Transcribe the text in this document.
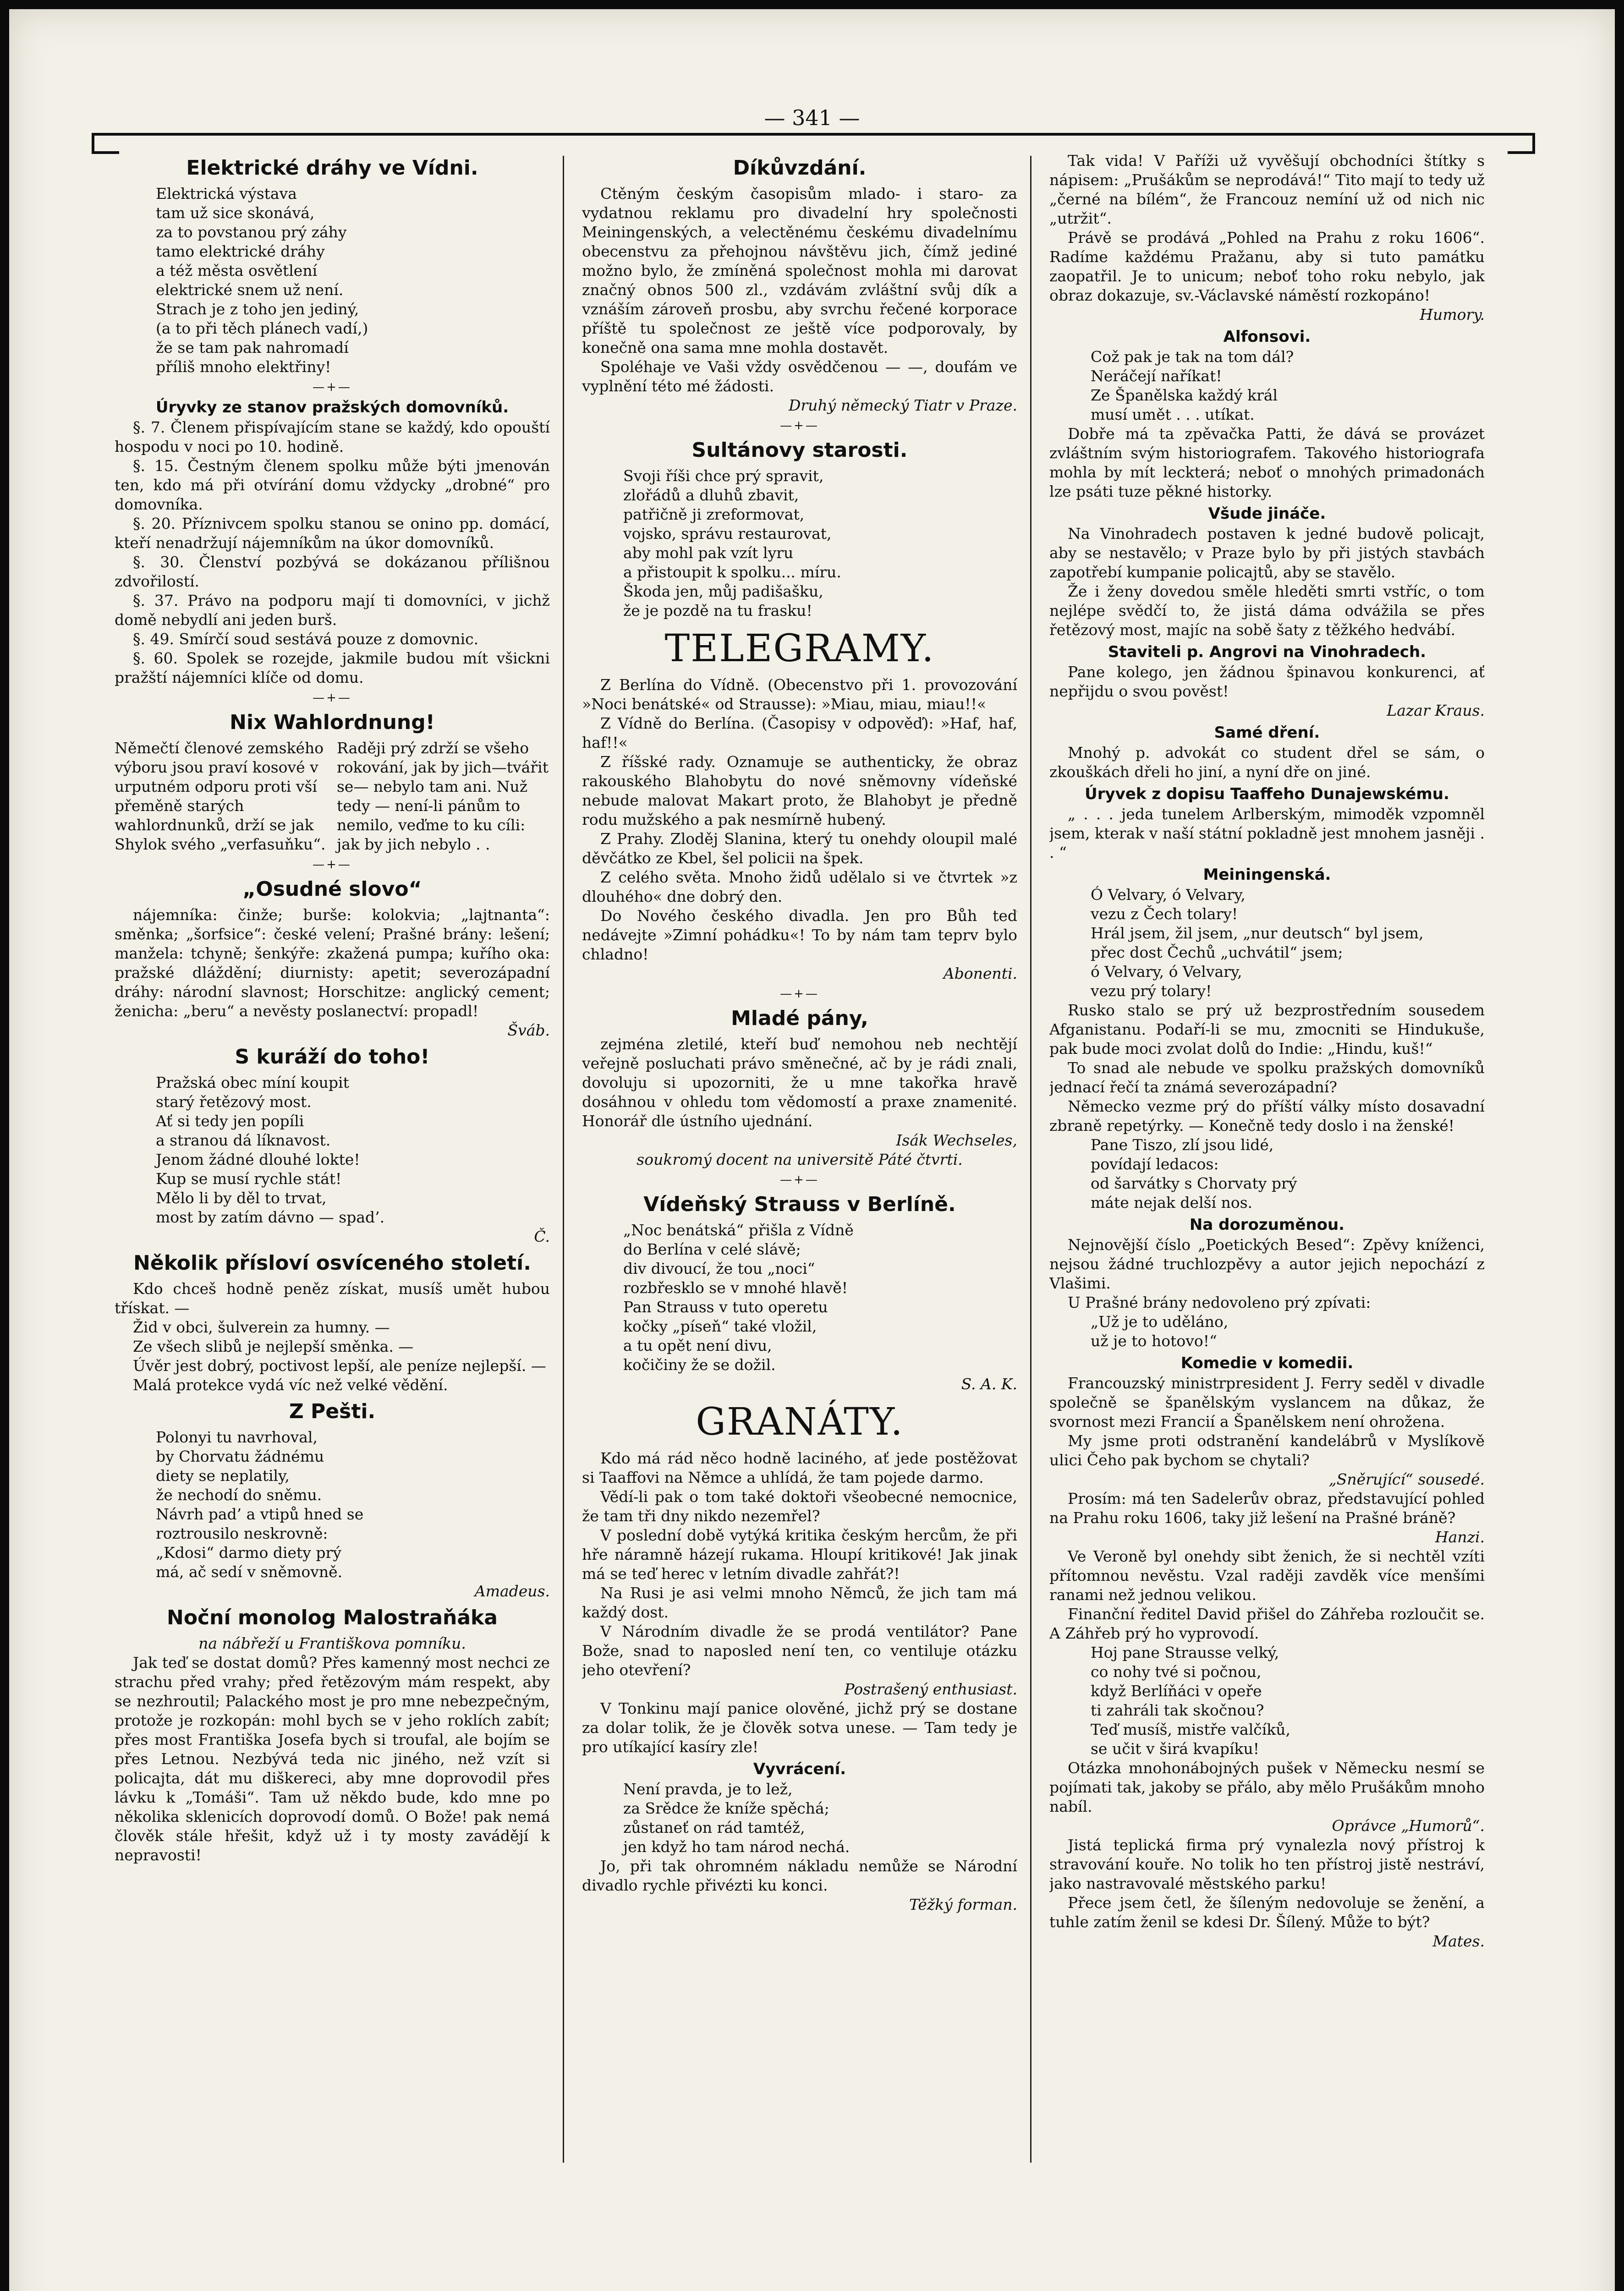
— 341 —
Elektrické dráhy ve Vídni.

Elektrická výstava

tam už sice skonává,

za to povstanou prý záhy

tamo elektrické dráhy

a též města osvětlení

elektrické snem už není.

Strach je z toho jen jediný,

(a to při těch plánech vadí,)

že se tam pak nahromadí

příliš mnoho elektřiny!

—+—
Úryvky ze stanov pražských domovníků.

§. 7. Členem přispívajícím stane se každý, kdo opouští hospodu v noci po 10. hodině.

§. 15. Čestným členem spolku může býti jmenován ten, kdo má při otvírání domu vždycky „drobné“ pro domovníka.

§. 20. Příznivcem spolku stanou se onino pp. domácí, kteří nenadržují nájemníkům na úkor domovníků.

§. 30. Členství pozbývá se dokázanou přílišnou zdvořilostí.

§. 37. Právo na podporu mají ti domovníci, v jichž domě nebydlí ani jeden burš.

§. 49. Smírčí soud sestává pouze z domovnic.

§. 60. Spolek se rozejde, jakmile budou mít všickni pražští nájemníci klíče od domu.

—+—
Nix Wahlordnung!
Němečtí členové zemského výboru jsou praví kosové v urputném odporu proti vší přeměně starých wahlordnunků, drží se jak Shylok svého „verfasuňku“.
Raději prý zdrží se všeho rokování, jak by jich—tvářit se— nebylo tam ani. Nuž tedy — není-li pánům to nemilo, veďme to ku cíli: jak by jich nebylo . .
—+—
„Osudné slovo“

nájemníka: činže; burše: kolokvia; „lajtnanta“: směnka; „šorfsice“: české velení; Prašné brány: lešení; manžela: tchyně; šenkýře: zkažená pumpa; kuřího oka: pražské dláždění; diurnisty: apetit; severozápadní dráhy: národní slavnost; Horschitze: anglický cement; ženicha: „beru“ a nevěsty poslanectví: propadl!

Šváb.

S kuráží do toho!

Pražská obec míní koupit

starý řetězový most.

Ať si tedy jen popíli

a stranou dá líknavost.

Jenom žádné dlouhé lokte!

Kup se musí rychle stát!

Mělo li by děl to trvat,

most by zatím dávno — spad’.

Č.

Několik přísloví osvíceného století.

Kdo chceš hodně peněz získat, musíš umět hubou třískat. —

Žid v obci, šulverein za humny. —

Ze všech slibů je nejlepší směnka. —

Úvěr jest dobrý, poctivost lepší, ale peníze nejlepší. —

Malá protekce vydá víc než velké vědění.

Z Pešti.

Polonyi tu navrhoval,

by Chorvatu žádnému

diety se neplatily,

že nechodí do sněmu.

Návrh pad’ a vtipů hned se

roztrousilo neskrovně:

„Kdosi“ darmo diety prý

má, ač sedí v sněmovně.

Amadeus.

Noční monolog Malostraňáka

na nábřeží u Františkova pomníku.

Jak teď se dostat domů? Přes kamenný most nechci ze strachu před vrahy; před řetězovým mám respekt, aby se nezhroutil; Palackého most je pro mne nebezpečným, protože je rozkopán: mohl bych se v jeho roklích zabít; přes most Františka Josefa bych si troufal, ale bojím se přes Letnou. Nezbývá teda nic jiného, než vzít si policajta, dát mu diškereci, aby mne doprovodil přes lávku k „Tomáši“. Tam už někdo bude, kdo mne po několika sklenicích doprovodí domů. O Bože! pak nemá člověk stále hřešit, když už i ty mosty zavádějí k nepravosti!

Díkůvzdání.

Ctěným českým časopisům mlado- i staro- za vydatnou reklamu pro divadelní hry společnosti Meiningenských, a velectěnému českému divadelnímu obecenstvu za přehojnou návštěvu jich, čímž jediné možno bylo, že zmíněná společnost mohla mi darovat značný obnos 500 zl., vzdávám zvláštní svůj dík a vznáším zároveň prosbu, aby svrchu řečené korporace příště tu společnost ze ještě více podporovaly, by konečně ona sama mne mohla dostavět.

Spoléhaje ve Vaši vždy osvědčenou — —, doufám ve vyplnění této mé žádosti.

Druhý německý Tiatr v Praze.

—+—
Sultánovy starosti.

Svoji říši chce prý spravit,

zlořádů a dluhů zbavit,

patřičně ji zreformovat,

vojsko, správu restaurovat,

aby mohl pak vzít lyru

a přistoupit k spolku... míru.

Škoda jen, můj padišašku,

že je pozdě na tu frasku!

TELEGRAMY.

Z Berlína do Vídně. (Obecenstvo při 1. provozování »Noci benátské« od Strausse): »Miau, miau, miau!!«

Z Vídně do Berlína. (Časopisy v odpověď): »Haf, haf, haf!!«

Z říšské rady. Oznamuje se authenticky, že obraz rakouského Blahobytu do nové sněmovny vídeňské nebude malovat Makart proto, že Blahobyt je předně rodu mužského a pak nesmírně hubený.

Z Prahy. Zloděj Slanina, který tu onehdy oloupil malé děvčátko ze Kbel, šel policii na špek.

Z celého světa. Mnoho židů udělalo si ve čtvrtek »z dlouhého« dne dobrý den.

Do Nového českého divadla. Jen pro Bůh teď nedávejte »Zimní pohádku«! To by nám tam teprv bylo chladno!

Abonenti.

—+—
Mladé pány,

zejména zletilé, kteří buď nemohou neb nechtějí veřejně posluchati právo směnečné, ač by je rádi znali, dovoluju si upozorniti, že u mne takořka hravě dosáhnou v ohledu tom vědomostí a praxe znamenité. Honorář dle ústního ujednání.

Isák Wechseles,

soukromý docent na universitě Páté čtvrti.

—+—
Vídeňský Strauss v Berlíně.

„Noc benátská“ přišla z Vídně

do Berlína v celé slávě;

div divoucí, že tou „noci“

rozbřesklo se v mnohé hlavě!

Pan Strauss v tuto operetu

kočky „píseň“ také vložil,

a tu opět není divu,

kočičiny že se dožil.

S. A. K.

GRANÁTY.

Kdo má rád něco hodně laciného, ať jede postěžovat si Taaffovi na Němce a uhlídá, že tam pojede darmo.

Vědí-li pak o tom také doktoři všeobecné nemocnice, že tam tři dny nikdo nezemřel?

V poslední době vytýká kritika českým hercům, že při hře náramně házejí rukama. Hloupí kritikové! Jak jinak má se teď herec v letním divadle zahřát?!

Na Rusi je asi velmi mnoho Němců, že jich tam má každý dost.

V Národním divadle že se prodá ventilátor? Pane Bože, snad to naposled není ten, co ventiluje otázku jeho otevření?

Postrašený enthusiast.

V Tonkinu mají panice olověné, jichž prý se dostane za dolar tolik, že je člověk sotva unese. — Tam tedy je pro utíkající kasíry zle!

Vyvrácení.

Není pravda, je to lež,

za Srědce že kníže spěchá;

zůstaneť on rád tamtéž,

jen když ho tam národ nechá.

Jo, při tak ohromném nákladu nemůže se Národní divadlo rychle přivézti ku konci.

Těžký forman.

Tak vida! V Paříži už vyvěšují obchodníci štítky s nápisem: „Prušákům se neprodává!“ Tito mají to tedy už „černé na bílém“, že Francouz nemíní už od nich nic „utržit“.

Právě se prodává „Pohled na Prahu z roku 1606“. Radíme každému Pražanu, aby si tuto památku zaopatřil. Je to unicum; neboť toho roku nebylo, jak obraz dokazuje, sv.-Václavské náměstí rozkopáno!

Humory.

Alfonsovi.

Což pak je tak na tom dál?

Neráčejí naříkat!

Ze Španělska každý král

musí umět . . . utíkat.

Dobře má ta zpěvačka Patti, že dává se provázet zvláštním svým historiografem. Takového historiografa mohla by mít leckterá; neboť o mnohých primadonách lze psáti tuze pěkné historky.

Všude jináče.

Na Vinohradech postaven k jedné budově policajt, aby se nestavělo; v Praze bylo by při jistých stavbách zapotřebí kumpanie policajtů, aby se stavělo.

Že i ženy dovedou směle hleděti smrti vstříc, o tom nejlépe svědčí to, že jistá dáma odvážila se přes řetězový most, majíc na sobě šaty z těžkého hedvábí.

Staviteli p. Angrovi na Vinohradech.

Pane kolego, jen žádnou špinavou konkurenci, ať nepřijdu o svou pověst!

Lazar Kraus.

Samé dření.

Mnohý p. advokát co student dřel se sám, o zkouškách dřeli ho jiní, a nyní dře on jiné.

Úryvek z dopisu Taaffeho Dunajewskému.

„ . . . jeda tunelem Arlberským, mimoděk vzpomněl jsem, kterak v naší státní pokladně jest mnohem jasněji . . “

Meiningenská.

Ó Velvary, ó Velvary,

vezu z Čech tolary!

Hrál jsem, žil jsem, „nur deutsch“ byl jsem,

přec dost Čechů „uchvátil“ jsem;

ó Velvary, ó Velvary,

vezu prý tolary!

Rusko stalo se prý už bezprostředním sousedem Afganistanu. Podaří-li se mu, zmocniti se Hindukuše, pak bude moci zvolat dolů do Indie: „Hindu, kuš!“

To snad ale nebude ve spolku pražských domovníků jednací řečí ta známá severozápadní?

Německo vezme prý do příští války místo dosavadní zbraně repetýrky. — Konečně tedy doslo i na ženské!

Pane Tiszo, zlí jsou lidé,

povídají ledacos:

od šarvátky s Chorvaty prý

máte nejak delší nos.

Na dorozuměnou.

Nejnovější číslo „Poetických Besed“: Zpěvy kníženci, nejsou žádné truchlozpěvy a autor jejich nepochází z Vlašimi.

U Prašné brány nedovoleno prý zpívati:

„Už je to uděláno,

už je to hotovo!“

Komedie v komedii.

Francouzský ministrpresident J. Ferry seděl v divadle společně se španělským vyslancem na důkaz, že svornost mezi Francií a Španělskem není ohrožena.

My jsme proti odstranění kandelábrů v Myslíkově ulici Čeho pak bychom se chytali?

„Sněrující“ sousedé.

Prosím: má ten Sadelerův obraz, představující pohled na Prahu roku 1606, taky již lešení na Prašné bráně?

Hanzi.

Ve Veroně byl onehdy sibt ženich, že si nechtěl vzíti přítomnou nevěstu. Vzal raději zavděk více menšími ranami než jednou velikou.

Finanční ředitel David přišel do Záhřeba rozloučit se. A Záhřeb prý ho vyprovodí.

Hoj pane Strausse velký,

co nohy tvé si počnou,

když Berlíňáci v opeře

ti zahráli tak skočnou?

Teď musíš, mistře valčíků,

se učit v širá kvapíku!

Otázka mnohonábojných pušek v Německu nesmí se pojímati tak, jakoby se přálo, aby mělo Prušákům mnoho nabíl.

Oprávce „Humorů“.

Jistá teplická firma prý vynalezla nový přístroj k stravování kouře. No tolik ho ten přístroj jistě nestráví, jako nastravovalé městského parku!

Přece jsem četl, že šíleným nedovoluje se ženění, a tuhle zatím ženil se kdesi Dr. Šílený. Může to být?

Mates.
